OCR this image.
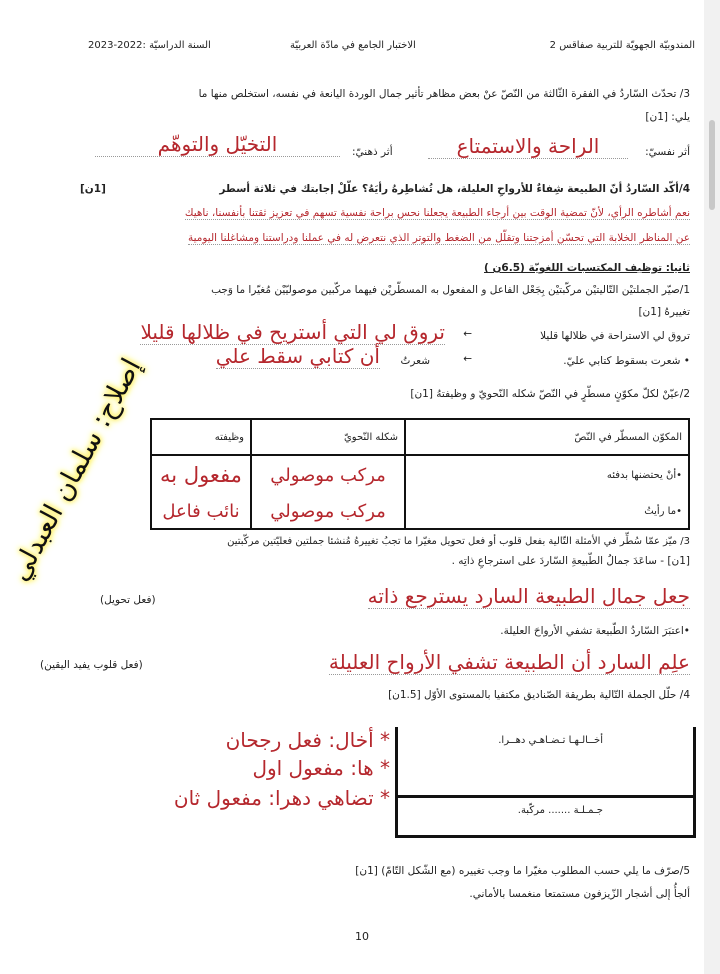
المندوبيّة الجهويّة للتربية صفاقس 2
الاختبار الجامع في مادّة العربيّة
السنة الدراسيّة :2022-2023
3/ تحدّث السّاردُ في الفقرة الثّالثة من النّصّ عنْ بعض مظاهر تأثير جمال الوردة اليانعة في نفسه، استخلص منها ما
يلي: [1ن]
أثر نفسيّ:
الراحة والاستمتاع
أثر ذهنيّ:
التخيّل والتوهّم
4/أكّد السّاردُ أنّ الطبيعة شِفاءٌ للأرواحِ العليلة، هل تُشاطِرهُ رأيَهُ؟ علّلْ إجابتك في ثلاثة أسطر
[1ن]
نعم أشاطره الرأي، لأنّ تمضية الوقت بين أرجاء الطبيعة يجعلنا نحس براحة نفسية تسهم في تعزيز ثقتنا بأنفسنا، ناهيك
عن المناظر الخلابة التي تحسّن أمزجتنا وتقلّل من الضغط والتوتر الذي نتعرض له في عملنا ودراستنا ومشاغلنا اليومية
ثانيا: توظيف المكتسبات اللغويّة (6.5ن )
1/صيّر الجملتيْن التّاليتيْن مركّبتيْن بِجَعْل الفاعل و المفعول به المسطّريْن فيهما مركّبين موصوليّيْن مُغيّرا ما وَجب
تغييرهُ [1ن]
تروق لي الاستراحة في ظلالها قليلا
←
تروق لي التي أستريح في ظلالها قليلا
• شعرت بسقوط كتابي عليّ.
←
شعرتُ
أن كتابي سقط علي
2/عيّنْ لكلّ مكوّنٍ مسطّرٍ في النّصّ شكله النّحويّ و وظيفتهُ [1ن]
المكوّن المسطّر في النّصّ	شكله النّحويّ	وظيفته
•أنْ يحتضنها بدفئه	مركب موصولي	مفعول به
•ما رأيتُ	مركب موصولي	نائب فاعل
3/ ميّز عمّا سُطِّر في الأمثلة التّالية بفعل قلوب أو فعل تحويل مغيّرا ما تجبُ تغييرهُ مُنشئا جملتين فعليّتين مركّبتين
[1ن] - ساعَدَ جمالُ الطّبيعةِ السّاردَ على استرجاعِ ذاتِه .
جعل جمال الطبيعة السارد يسترجع ذاته
(فعل تحويل)
•اعتبَرَ السّاردُ الطّبيعة تشفي الأرواحَ العليلة.
علِم السارد أن الطبيعة تشفي الأرواح العليلة
(فعل قلوب يفيد اليقين)
4/ حلّل الجملة التّالية بطريقة الصّناديق مكتفيا بالمستوى الأوّل [1.5ن]
أخــالـهـا تـضـاهـي دهــرا.
جـمـلـة ....... مركّبة.
* أخال: فعل رجحان
* ها: مفعول اول
* تضاهي دهرا: مفعول ثان
5/صرّف ما يلي حسب المطلوب مغيّرا ما وجب تغييره (مع الشّكل التّامّ) [1ن]
ألجأُ إلى أشجار الزّيزفون مستمتعا منغمسا بالأماني.
10
إصلاح: سلمان العبدلي
